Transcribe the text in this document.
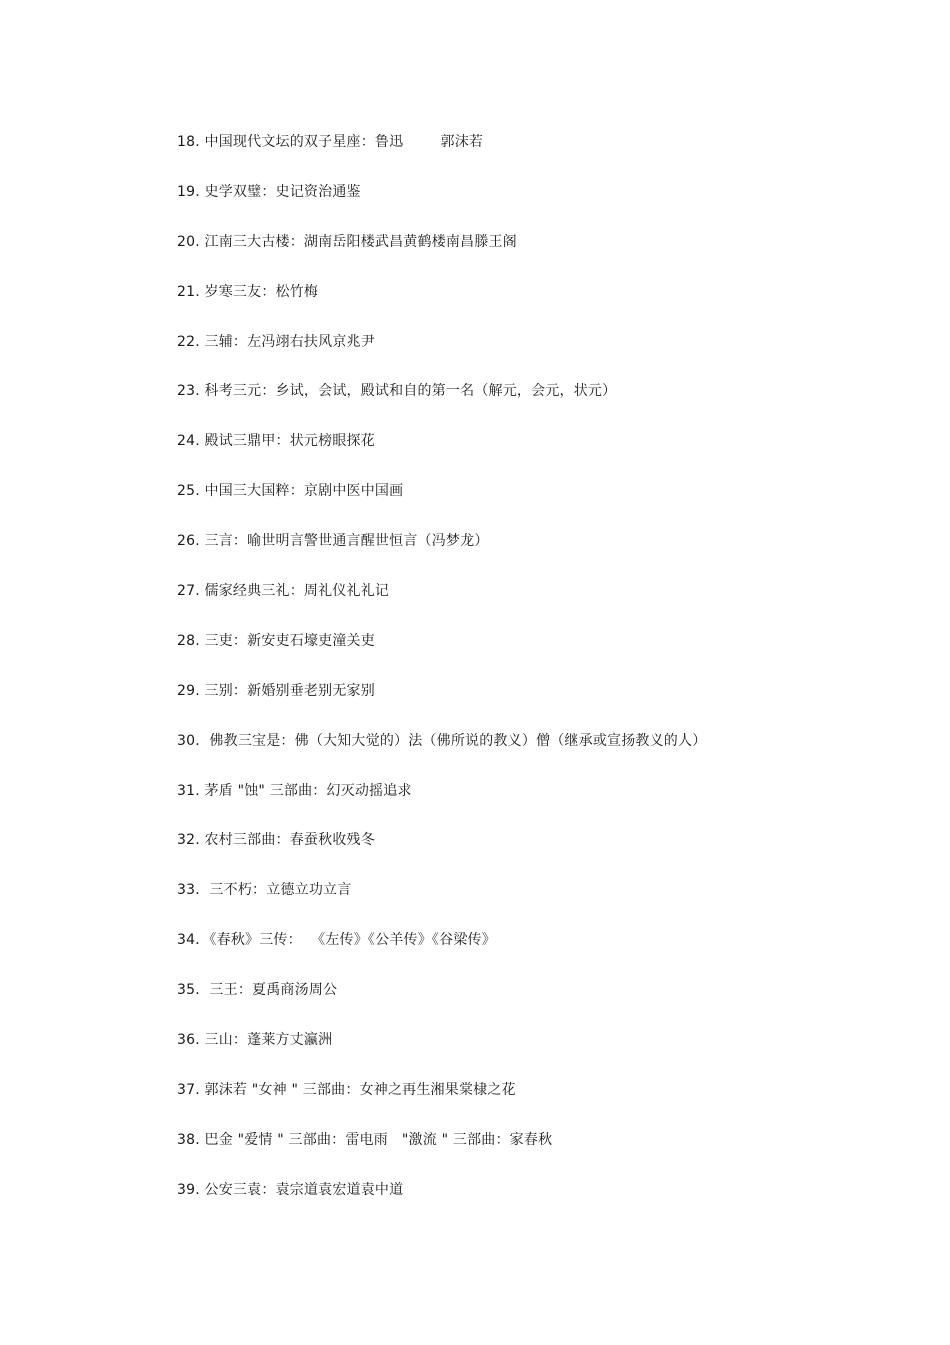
18. 中国现代文坛的双子星座：鲁迅        郭沫若
19. 史学双璧：史记资治通鉴
20. 江南三大古楼：湖南岳阳楼武昌黄鹤楼南昌滕王阁
21. 岁寒三友：松竹梅
22. 三辅：左冯翊右扶风京兆尹
23. 科考三元：乡试，会试，殿试和自的第一名（解元，会元，状元）
24. 殿试三鼎甲：状元榜眼探花
25. 中国三大国粹：京剧中医中国画
26. 三言：喻世明言警世通言醒世恒言（冯梦龙）
27. 儒家经典三礼：周礼仪礼礼记
28. 三吏：新安吏石壕吏潼关吏
29. 三别：新婚别垂老别无家别
30．佛教三宝是：佛（大知大觉的）法（佛所说的教义）僧（继承或宣扬教义的人）
31. 茅盾 "蚀" 三部曲：幻灭动摇追求
32. 农村三部曲：春蚕秋收残冬
33．三不朽：立德立功立言
34．《春秋》三传：  《左传》《公羊传》《谷梁传》
35．三王：夏禹商汤周公
36. 三山：蓬莱方丈瀛洲
37. 郭沫若 "女神 " 三部曲：女神之再生湘果棠棣之花
38. 巴金 "爱情 " 三部曲：雷电雨   "激流 " 三部曲：家春秋
39. 公安三袁：袁宗道袁宏道袁中道
